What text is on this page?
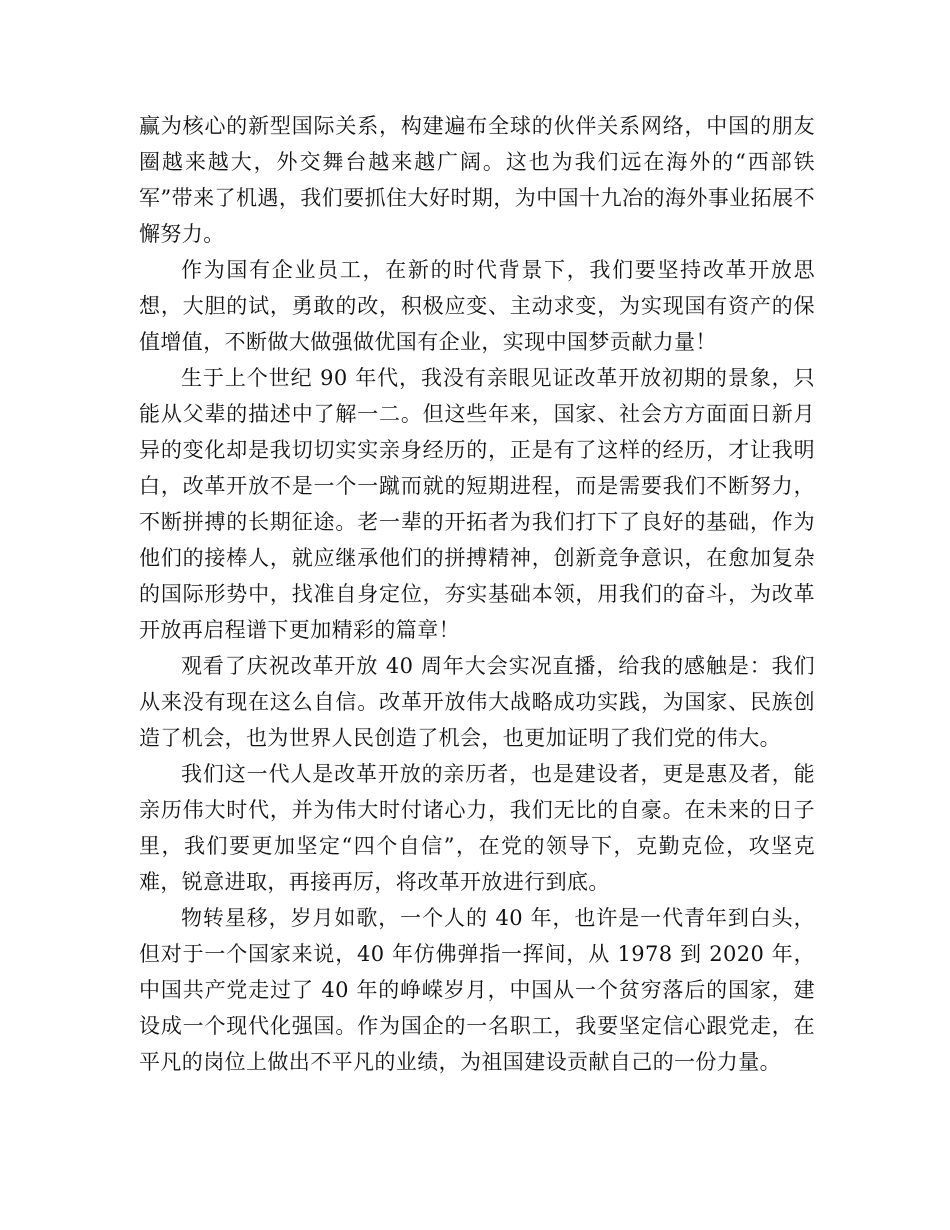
赢为核心的新型国际关系，构建遍布全球的伙伴关系网络，中国的朋友圈越来越大，外交舞台越来越广阔。这也为我们远在海外的“西部铁军”带来了机遇，我们要抓住大好时期，为中国十九冶的海外事业拓展不懈努力。

作为国有企业员工，在新的时代背景下，我们要坚持改革开放思想，大胆的试，勇敢的改，积极应变、主动求变，为实现国有资产的保值增值，不断做大做强做优国有企业，实现中国梦贡献力量！

生于上个世纪 90 年代，我没有亲眼见证改革开放初期的景象，只能从父辈的描述中了解一二。但这些年来，国家、社会方方面面日新月异的变化却是我切切实实亲身经历的，正是有了这样的经历，才让我明白，改革开放不是一个一蹴而就的短期进程，而是需要我们不断努力，不断拼搏的长期征途。老一辈的开拓者为我们打下了良好的基础，作为他们的接棒人，就应继承他们的拼搏精神，创新竞争意识，在愈加复杂的国际形势中，找准自身定位，夯实基础本领，用我们的奋斗，为改革开放再启程谱下更加精彩的篇章！

观看了庆祝改革开放 40 周年大会实况直播，给我的感触是：我们从来没有现在这么自信。改革开放伟大战略成功实践，为国家、民族创造了机会，也为世界人民创造了机会，也更加证明了我们党的伟大。

我们这一代人是改革开放的亲历者，也是建设者，更是惠及者，能亲历伟大时代，并为伟大时付诸心力，我们无比的自豪。在未来的日子里，我们要更加坚定“四个自信”，在党的领导下，克勤克俭，攻坚克难，锐意进取，再接再厉，将改革开放进行到底。

物转星移，岁月如歌，一个人的 40 年，也许是一代青年到白头，但对于一个国家来说，40 年仿佛弹指一挥间，从 1978 到 2020 年，中国共产党走过了 40 年的峥嵘岁月，中国从一个贫穷落后的国家，建设成一个现代化强国。作为国企的一名职工，我要坚定信心跟党走，在平凡的岗位上做出不平凡的业绩，为祖国建设贡献自己的一份力量。
